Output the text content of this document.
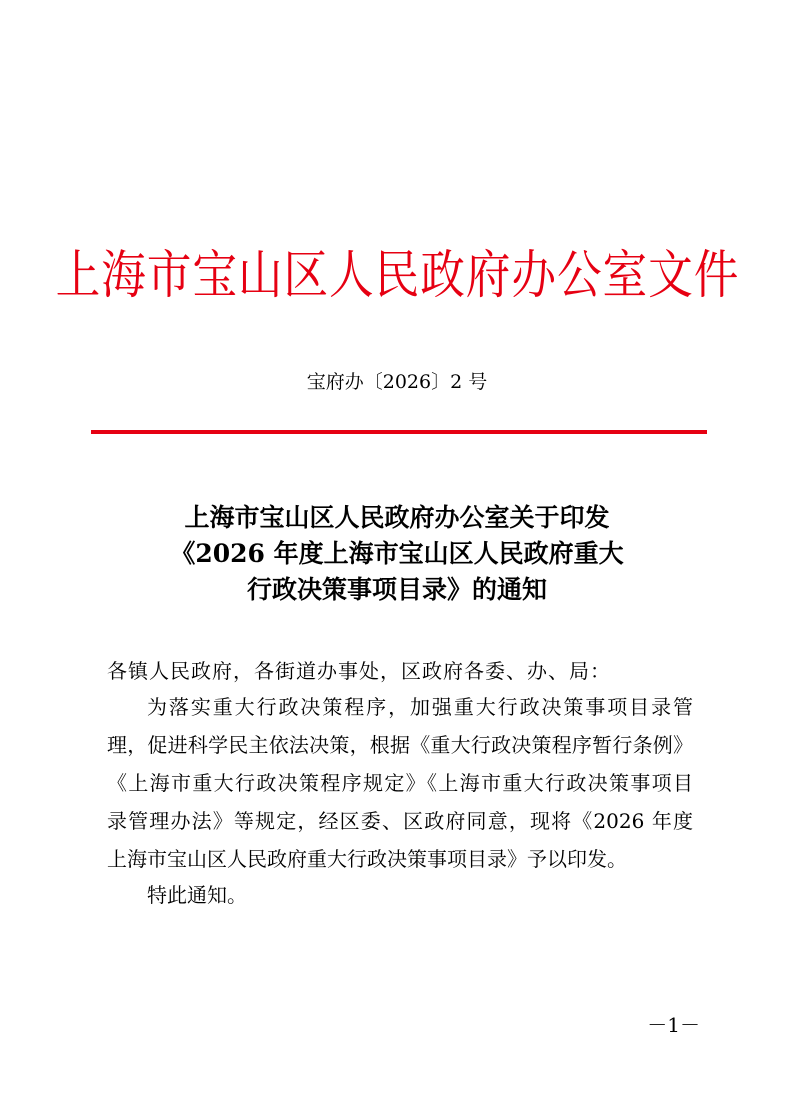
上海市宝山区人民政府办公室文件
宝府办〔2026〕2 号
上海市宝山区人民政府办公室关于印发
《2026 年度上海市宝山区人民政府重大
行政决策事项目录》的通知
各镇人民政府，各街道办事处，区政府各委、办、局：
为落实重大行政决策程序，加强重大行政决策事项目录管
理，促进科学民主依法决策，根据《重大行政决策程序暂行条例》
《上海市重大行政决策程序规定》《上海市重大行政决策事项目
录管理办法》等规定，经区委、区政府同意，现将《2026 年度
上海市宝山区人民政府重大行政决策事项目录》予以印发。
特此通知。
－1－
